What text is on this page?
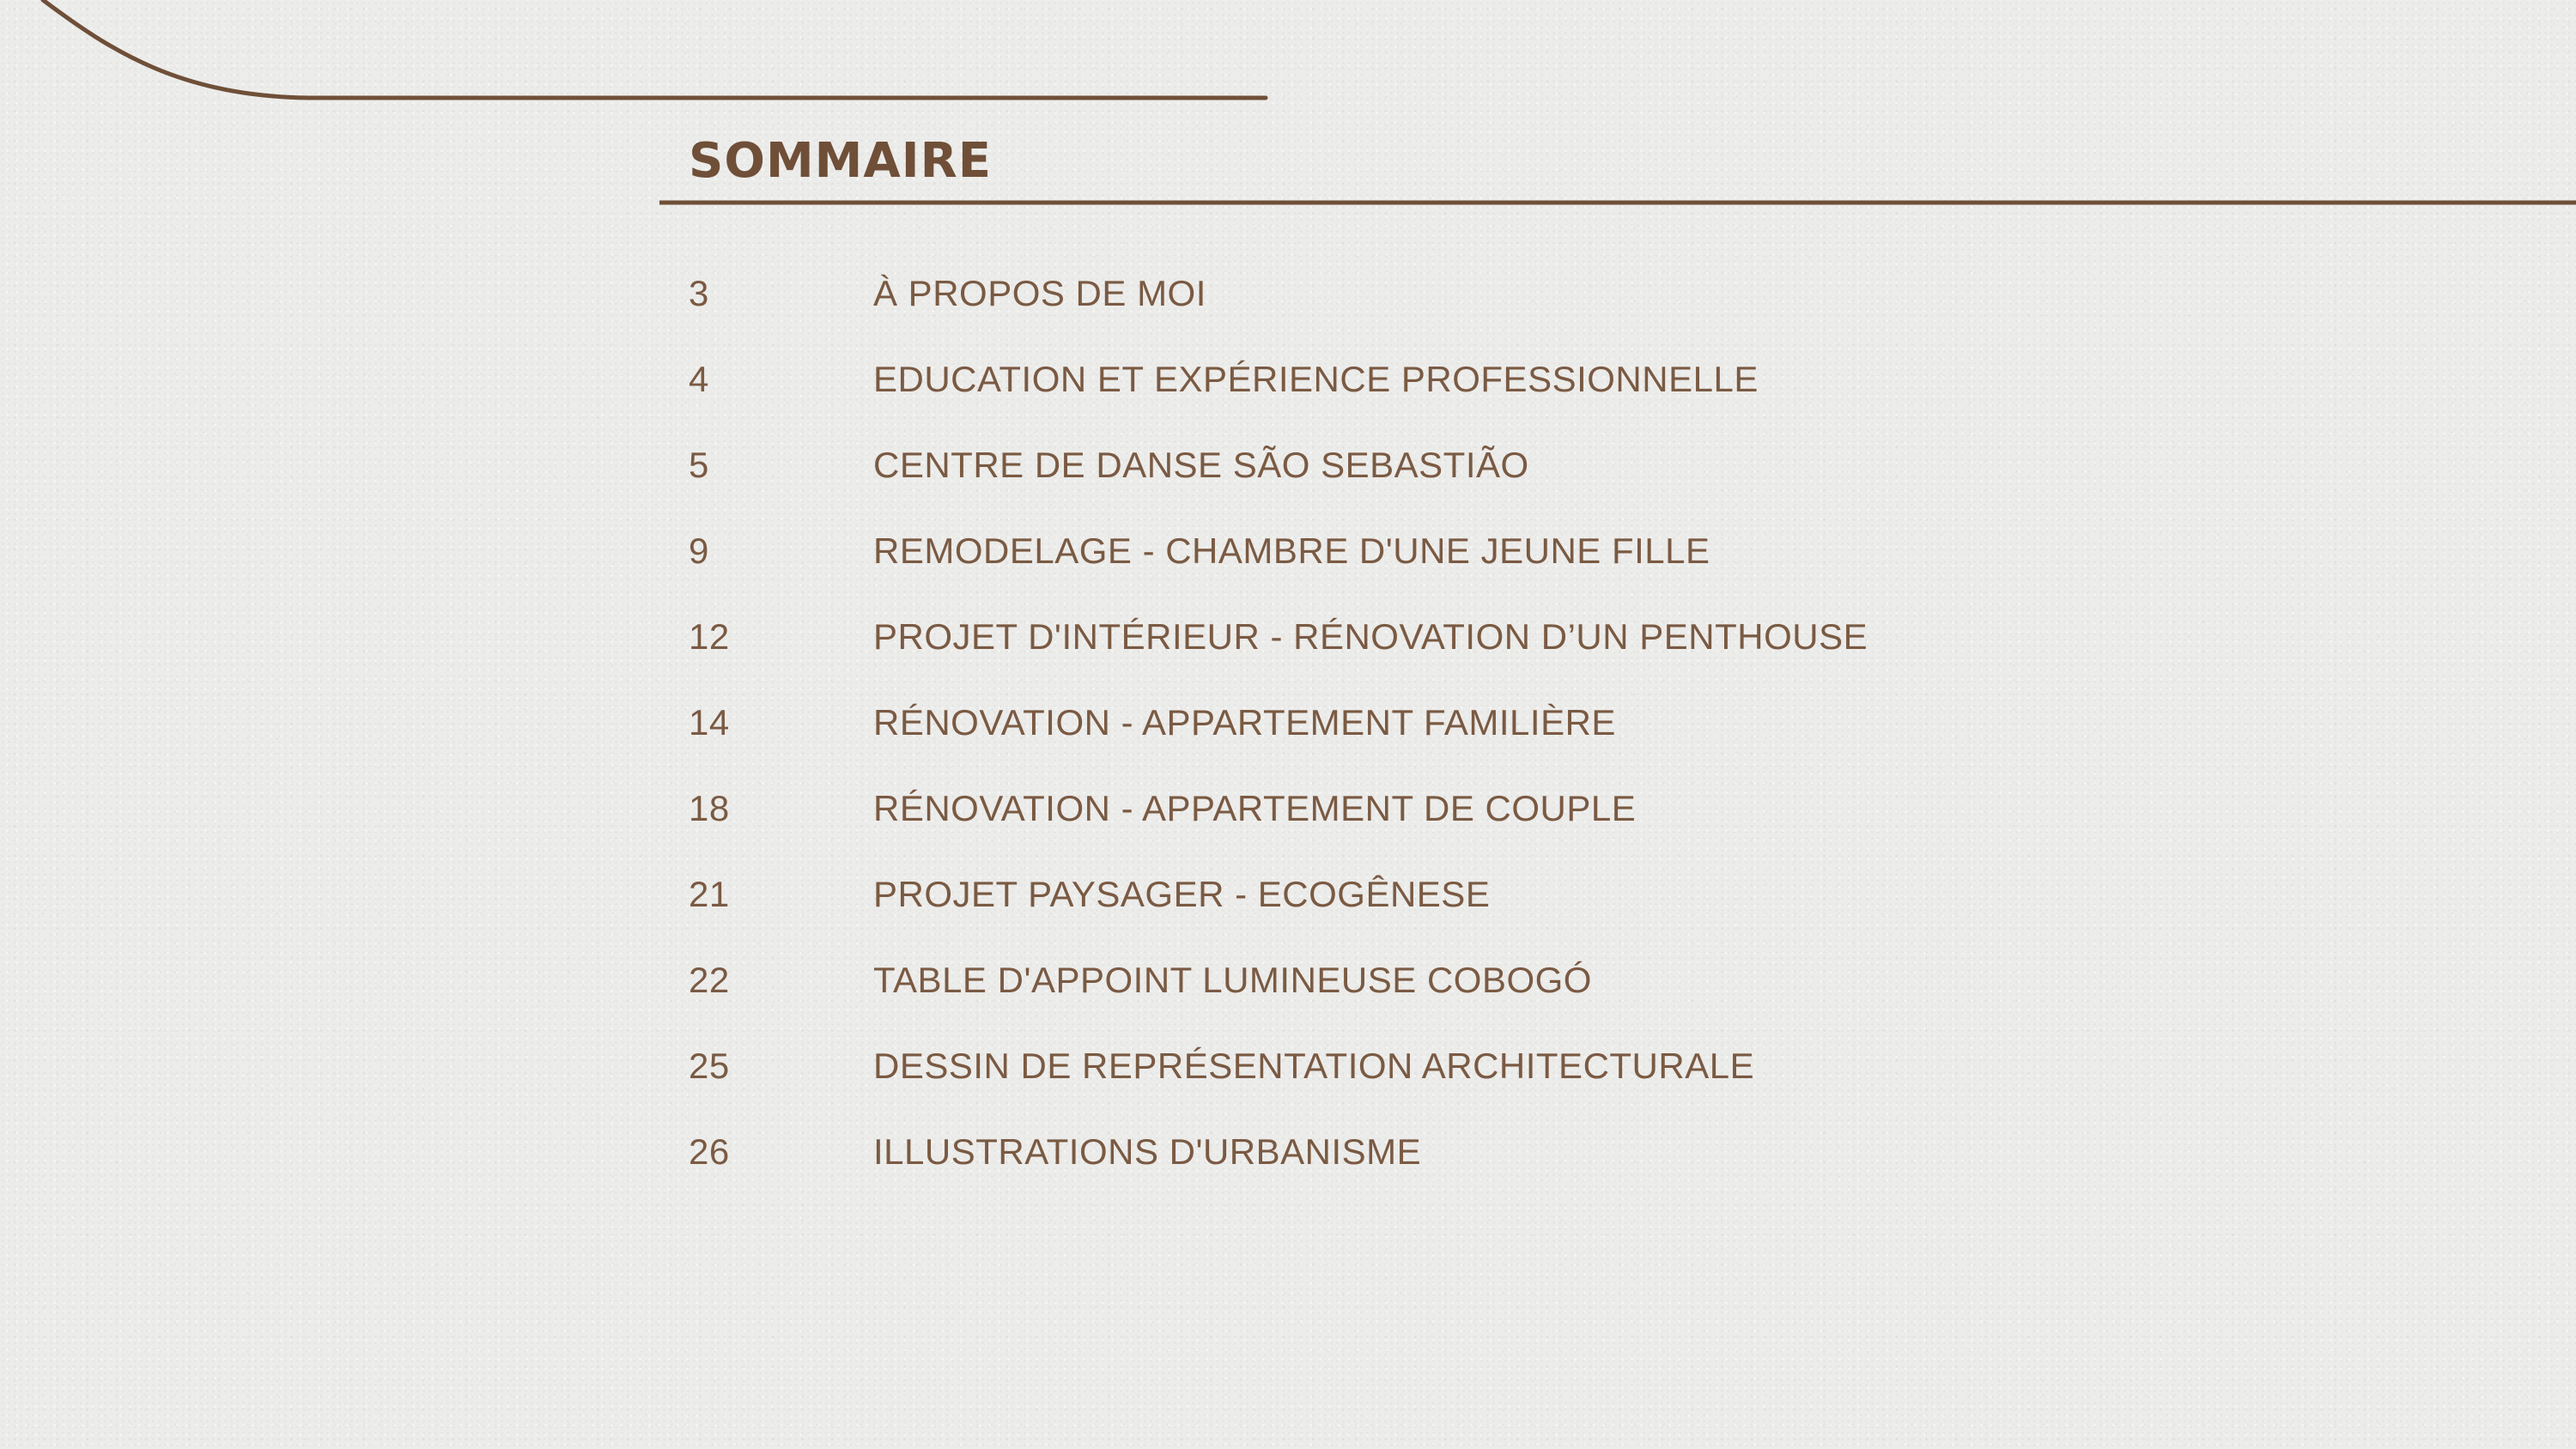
SOMMAIRE
3	À PROPOS DE MOI
4	EDUCATION ET EXPÉRIENCE PROFESSIONNELLE
5	CENTRE DE DANSE SÃO SEBASTIÃO
9	REMODELAGE - CHAMBRE D'UNE JEUNE FILLE
12	PROJET D'INTÉRIEUR - RÉNOVATION D’UN PENTHOUSE
14	RÉNOVATION - APPARTEMENT FAMILIÈRE
18	RÉNOVATION - APPARTEMENT DE COUPLE
21	PROJET PAYSAGER - ECOGÊNESE
22	TABLE D'APPOINT LUMINEUSE COBOGÓ
25	DESSIN DE REPRÉSENTATION ARCHITECTURALE
26	ILLUSTRATIONS D'URBANISME
